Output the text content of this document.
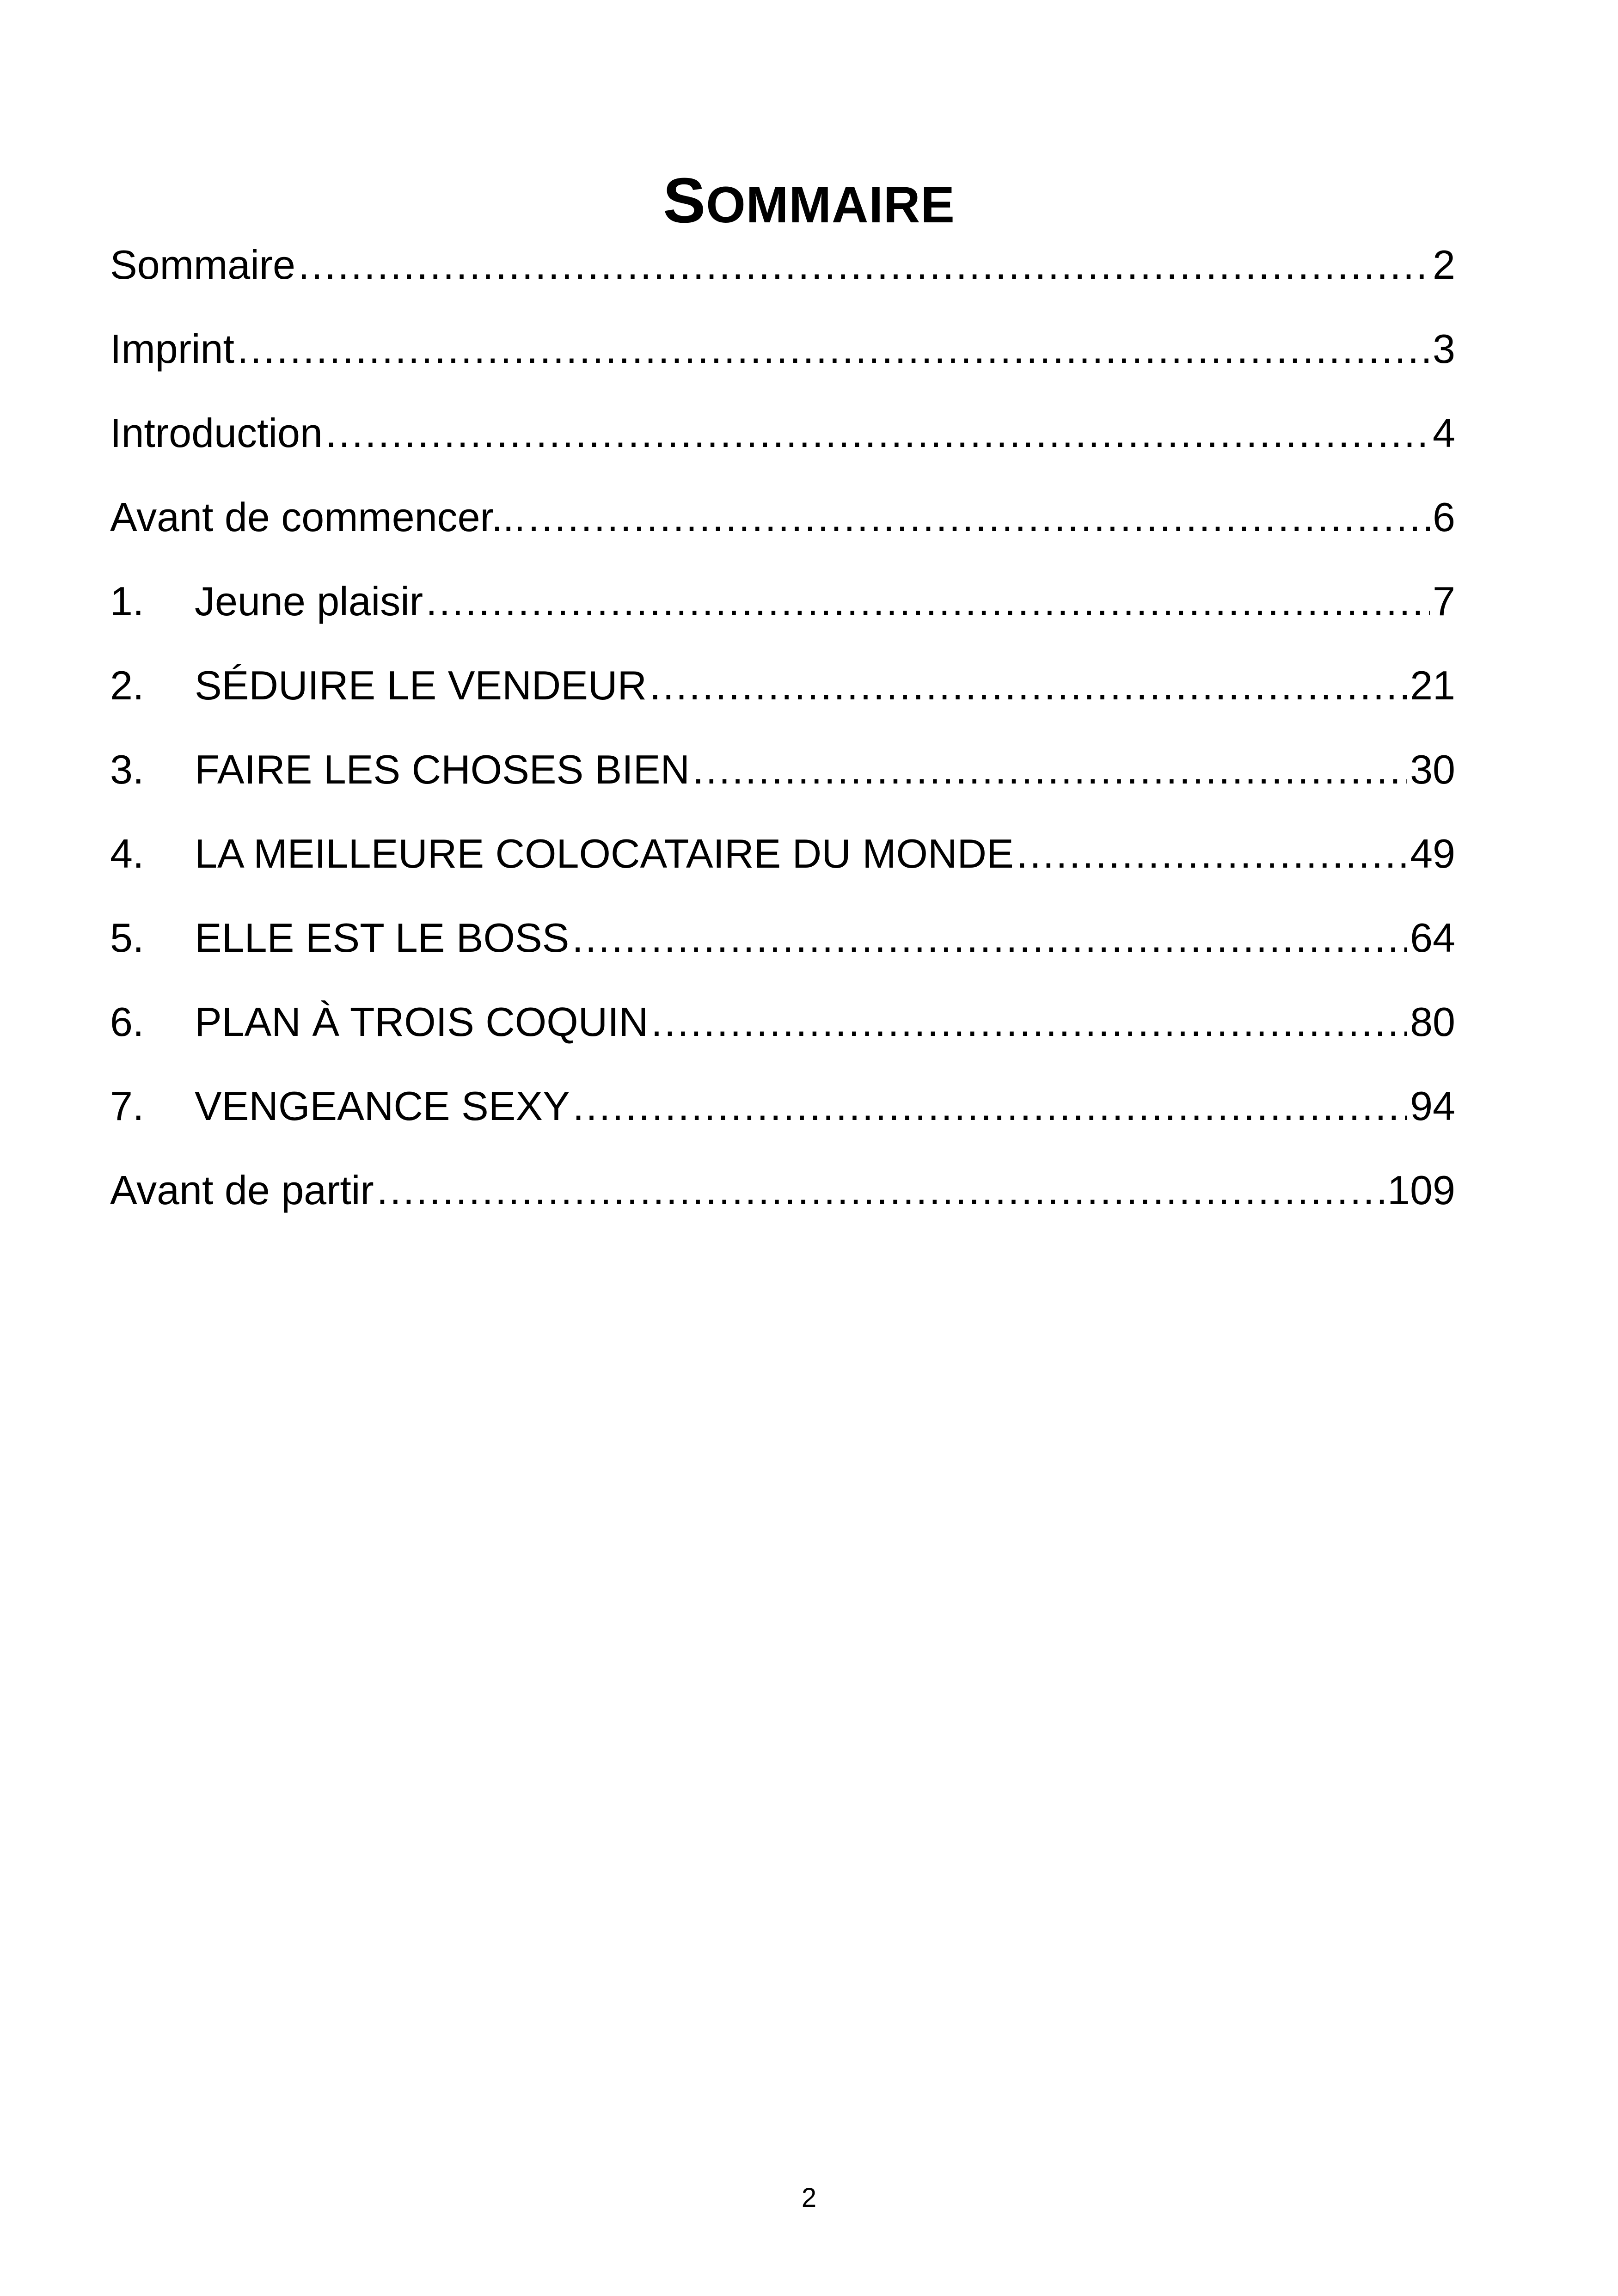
SOMMAIRE
Sommaire .....	2
Imprint .....	3
Introduction .....	4
Avant de commencer... .....	6
1.	Jeune plaisir .....	7
2.	SÉDUIRE LE VENDEUR .....	21
3.	FAIRE LES CHOSES BIEN .....	30
4.	LA MEILLEURE COLOCATAIRE DU MONDE .....	49
5.	ELLE EST LE BOSS .....	64
6.	PLAN À TROIS COQUIN .....	80
7.	VENGEANCE SEXY .....	94
Avant de partir .....	109
2
